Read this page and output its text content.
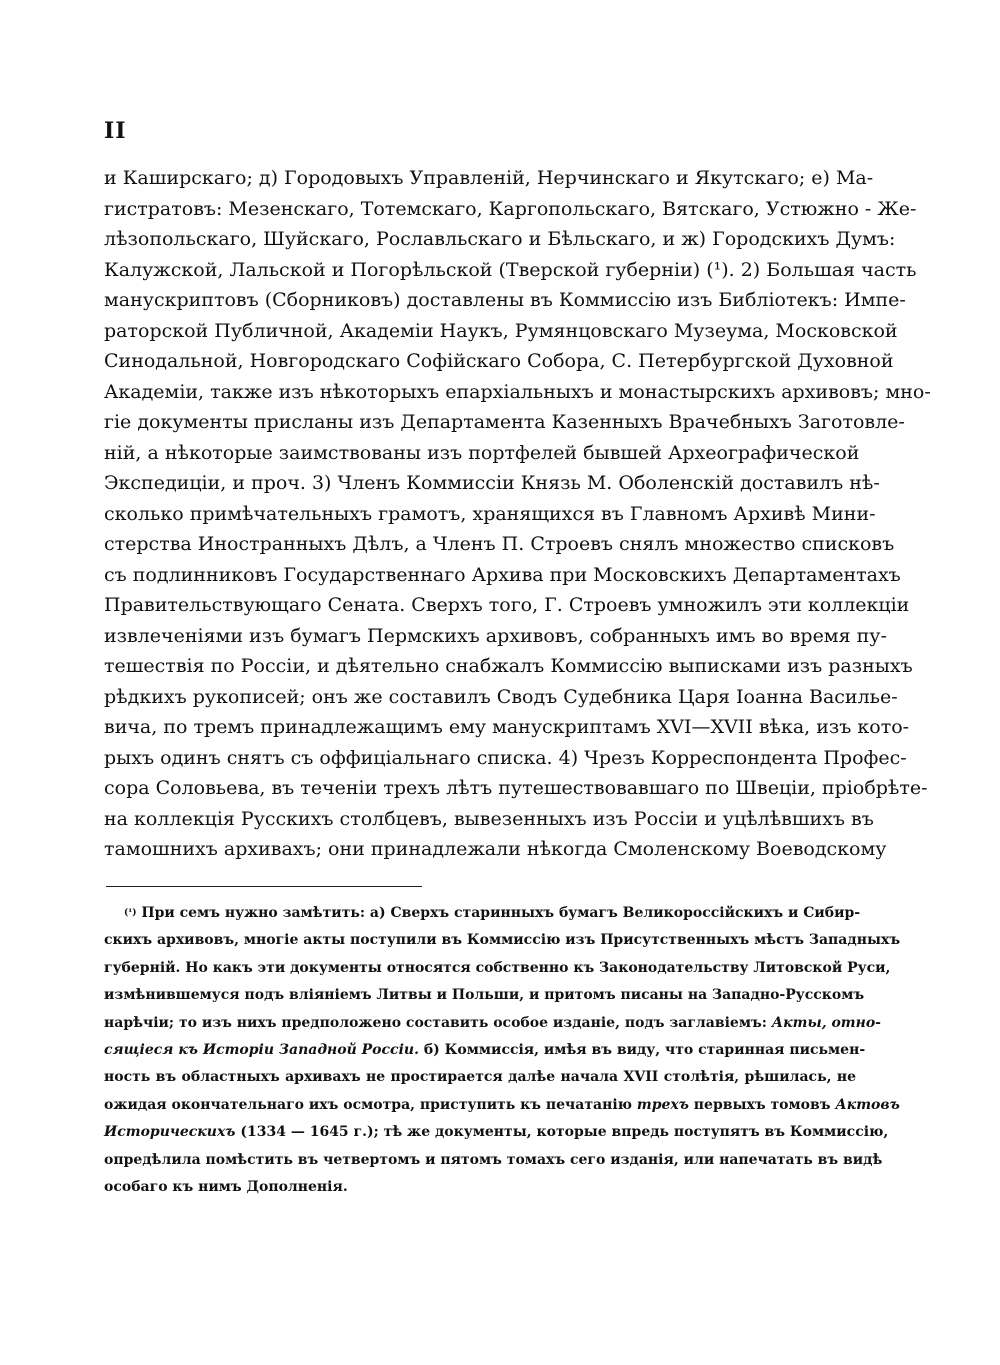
II
и Каширскаго; д) Городовыхъ Управленій, Нерчинскаго и Якутскаго; е) Ма-
гистратовъ: Мезенскаго, Тотемскаго, Каргопольскаго, Вятскаго, Устюжно - Же-
лѣзопольскаго, Шуйскаго, Рославльскаго и Бѣльскаго, и ж) Городскихъ Думъ:
Калужской, Лальской и Погорѣльской (Тверской губерніи) (¹). 2) Большая часть
манускриптовъ (Сборниковъ) доставлены въ Коммиссію изъ Библіотекъ: Импе-
раторской Публичной, Академіи Наукъ, Румянцовскаго Музеума, Московской
Синодальной, Новгородскаго Софійскаго Собора, С. Петербургской Духовной
Академіи, также изъ нѣкоторыхъ епархіальныхъ и монастырскихъ архивовъ; мно-
гіе документы присланы изъ Департамента Казенныхъ Врачебныхъ Заготовле-
ній, а нѣкоторые заимствованы изъ портфелей бывшей Археографической
Экспедиціи, и проч. 3) Членъ Коммиссіи Князь М. Оболенскій доставилъ нѣ-
сколько примѣчательныхъ грамотъ, хранящихся въ Главномъ Архивѣ Мини-
стерства Иностранныхъ Дѣлъ, а Членъ П. Строевъ снялъ множество списковъ
съ подлинниковъ Государственнаго Архива при Московскихъ Департаментахъ
Правительствующаго Сената. Сверхъ того, Г. Строевъ умножилъ эти коллекціи
извлеченіями изъ бумагъ Пермскихъ архивовъ, собранныхъ имъ во время пу-
тешествія по Россіи, и дѣятельно снабжалъ Коммиссію выписками изъ разныхъ
рѣдкихъ рукописей; онъ же составилъ Сводъ Судебника Царя Іоанна Василье-
вича, по тремъ принадлежащимъ ему манускриптамъ XVI—XVII вѣка, изъ кото-
рыхъ одинъ снятъ съ оффиціальнаго списка. 4) Чрезъ Корреспондента Профес-
сора Соловьева, въ теченіи трехъ лѣтъ путешествовавшаго по Швеціи, пріобрѣте-
на коллекція Русскихъ столбцевъ, вывезенныхъ изъ Россіи и уцѣлѣвшихъ въ
тамошнихъ архивахъ; они принадлежали нѣкогда Смоленскому Воеводскому
$^{(^1)}$ При семъ нужно замѣтить: а) Сверхъ старинныхъ бумагъ Великороссійскихъ и Сибир-
скихъ архивовъ, многіе акты поступили въ Коммиссію изъ Присутственныхъ мѣстъ Западныхъ
губерній. Но какъ эти документы относятся собственно къ Законодательству Литовской Руси,
измѣнившемуся подъ вліяніемъ Литвы и Польши, и притомъ писаны на Западно-Русскомъ
нарѣчіи; то изъ нихъ предположено составить особое изданіе, подъ заглавіемъ: Акты, отно-
сящіеся къ Исторіи Западной Россіи. б) Коммиссія, имѣя въ виду, что старинная письмен-
ность въ областныхъ архивахъ не простирается далѣе начала XVII столѣтія, рѣшилась, не
ожидая окончательнаго ихъ осмотра, приступить къ печатанію трехъ первыхъ томовъ Актовъ
Историческихъ (1334 — 1645 г.); тѣ же документы, которые впредь поступятъ въ Коммиссію,
опредѣлила помѣстить въ четвертомъ и пятомъ томахъ сего изданія, или напечатать въ видѣ
особаго къ нимъ Дополненія.
